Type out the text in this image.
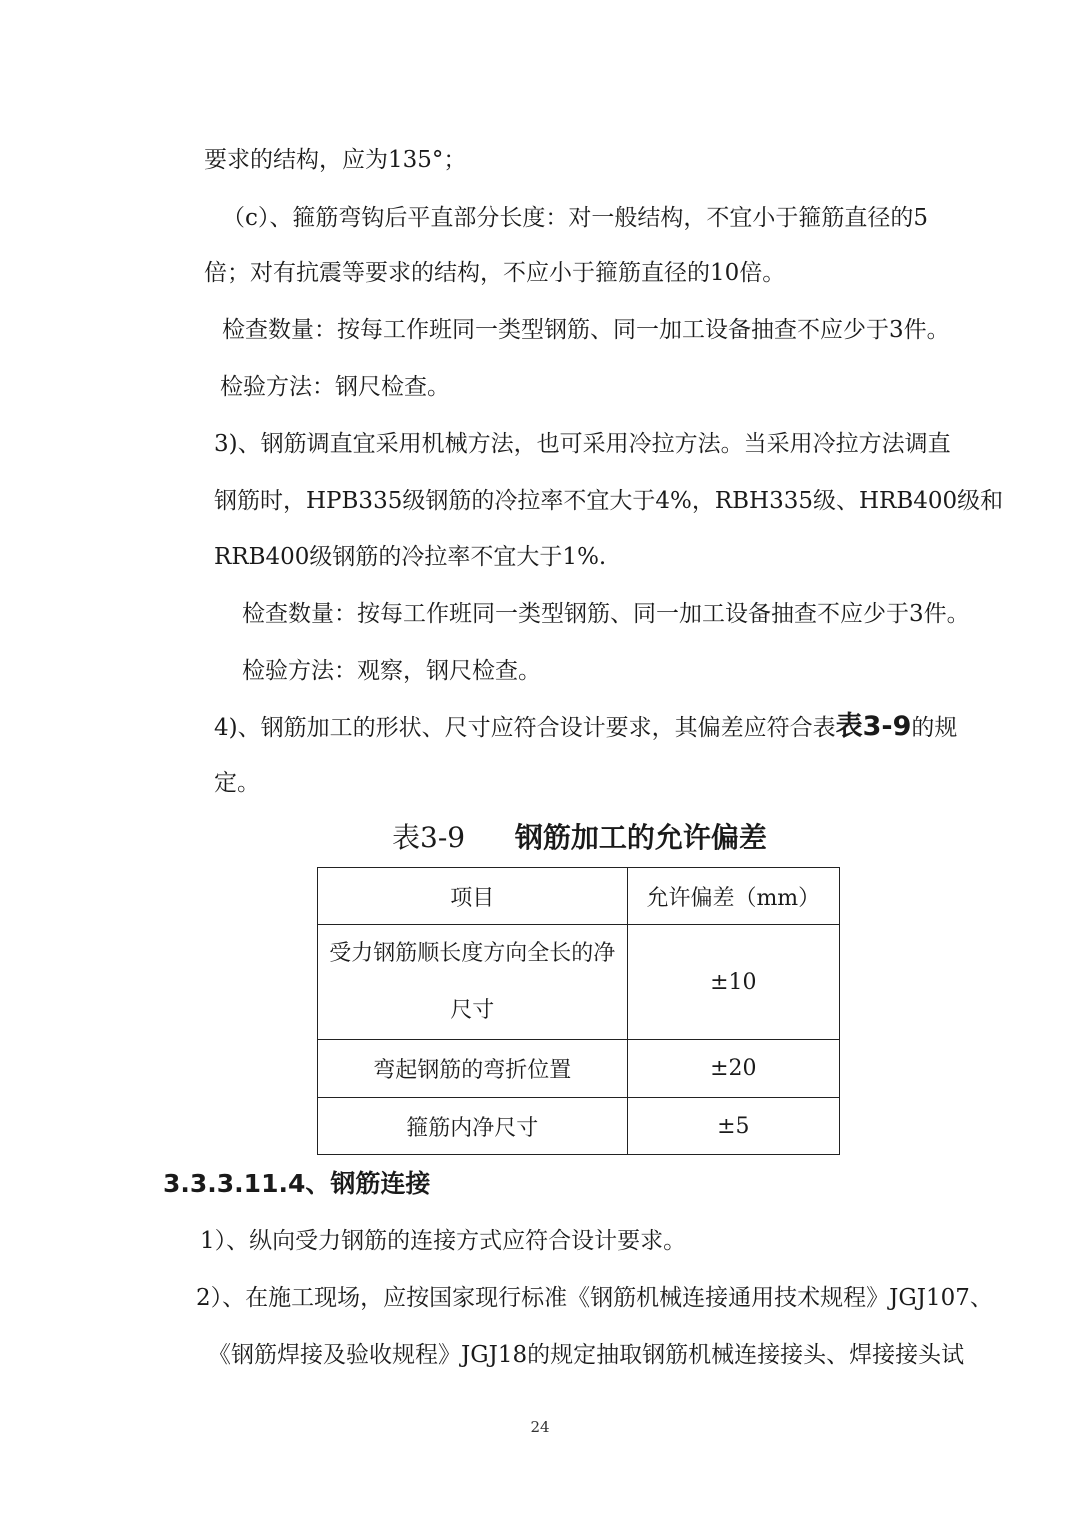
要求的结构，应为135°；
（c）、箍筋弯钩后平直部分长度：对一般结构，不宜小于箍筋直径的5
倍；对有抗震等要求的结构，不应小于箍筋直径的10倍。
检查数量：按每工作班同一类型钢筋、同一加工设备抽查不应少于3件。
检验方法：钢尺检查。
3)、钢筋调直宜采用机械方法，也可采用冷拉方法。当采用冷拉方法调直
钢筋时，HPB335级钢筋的冷拉率不宜大于4%，RBH335级、HRB400级和
RRB400级钢筋的冷拉率不宜大于1%.
检查数量：按每工作班同一类型钢筋、同一加工设备抽查不应少于3件。
检验方法：观察，钢尺检查。
4)、钢筋加工的形状、尺寸应符合设计要求，其偏差应符合表表3-9的规
定。
表3-9 钢筋加工的允许偏差
项目	允许偏差（mm）

受力钢筋顺长度方向全长的净
尺寸	±10
弯起钢筋的弯折位置	±20
箍筋内净尺寸	±5
3.3.3.11.4、钢筋连接
1）、纵向受力钢筋的连接方式应符合设计要求。
2）、在施工现场，应按国家现行标准《钢筋机械连接通用技术规程》JGJ107、
《钢筋焊接及验收规程》JGJ18的规定抽取钢筋机械连接接头、焊接接头试
24
